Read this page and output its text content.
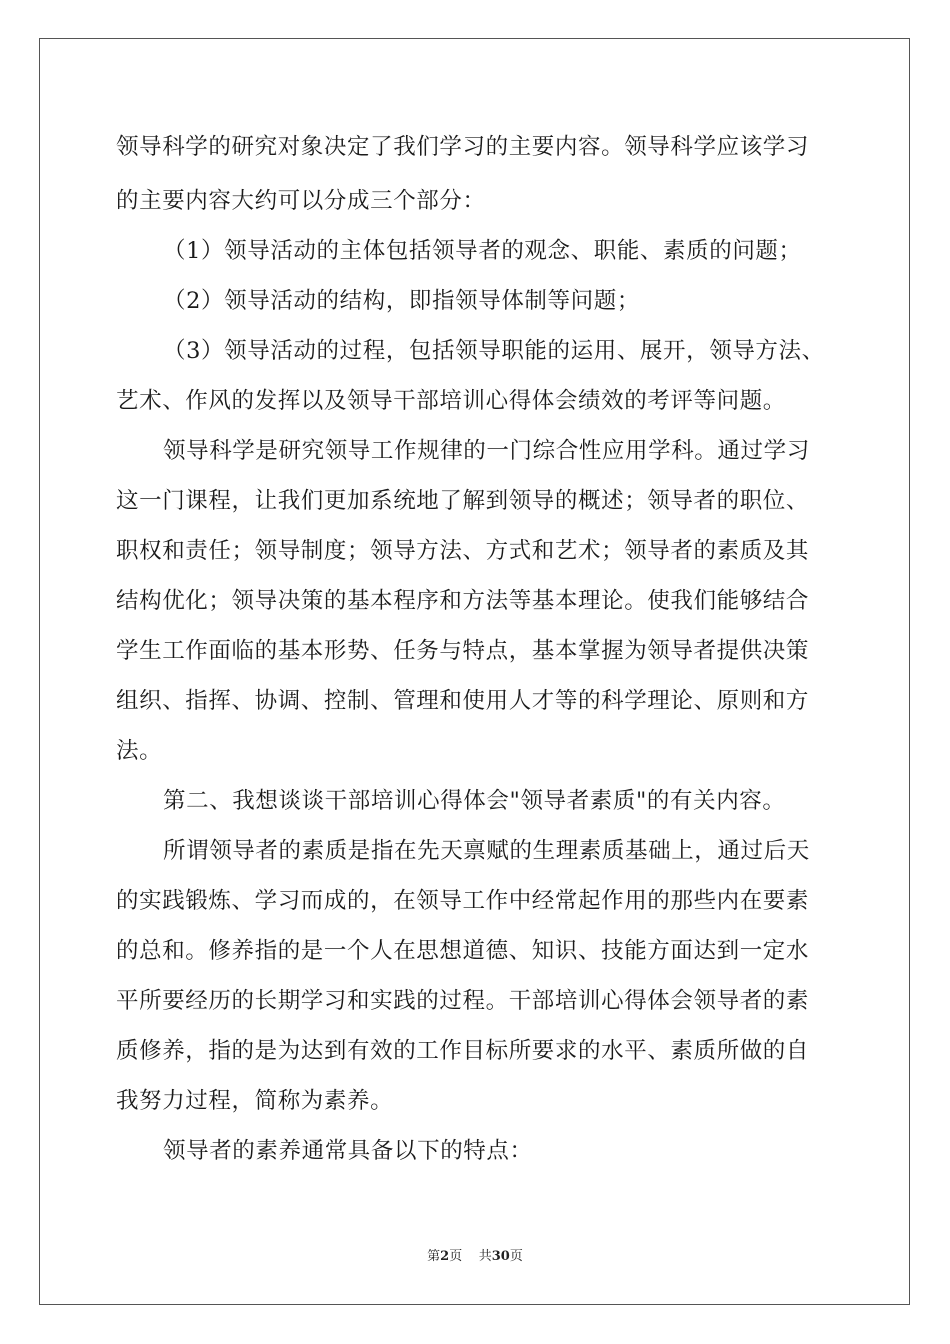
领导科学的研究对象决定了我们学习的主要内容。领导科学应该学习
的主要内容大约可以分成三个部分：
（1）领导活动的主体包括领导者的观念、职能、素质的问题；
（2）领导活动的结构，即指领导体制等问题；
（3）领导活动的过程，包括领导职能的运用、展开，领导方法、
艺术、作风的发挥以及领导干部培训心得体会绩效的考评等问题。
领导科学是研究领导工作规律的一门综合性应用学科。通过学习
这一门课程，让我们更加系统地了解到领导的概述；领导者的职位、
职权和责任；领导制度；领导方法、方式和艺术；领导者的素质及其
结构优化；领导决策的基本程序和方法等基本理论。使我们能够结合
学生工作面临的基本形势、任务与特点，基本掌握为领导者提供决策
组织、指挥、协调、控制、管理和使用人才等的科学理论、原则和方
法。
第二、我想谈谈干部培训心得体会"领导者素质"的有关内容。
所谓领导者的素质是指在先天禀赋的生理素质基础上，通过后天
的实践锻炼、学习而成的，在领导工作中经常起作用的那些内在要素
的总和。修养指的是一个人在思想道德、知识、技能方面达到一定水
平所要经历的长期学习和实践的过程。干部培训心得体会领导者的素
质修养，指的是为达到有效的工作目标所要求的水平、素质所做的自
我努力过程，简称为素养。
领导者的素养通常具备以下的特点：
第2页 共30页
